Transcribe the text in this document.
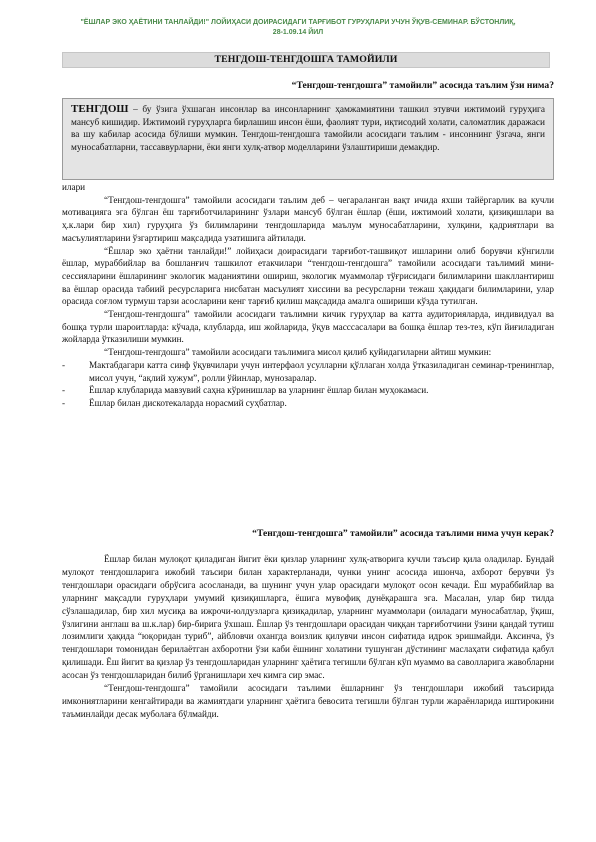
"ЁШЛАР ЭКО ҲАЁТИНИ ТАНЛАЙДИ!" ЛОЙИҲАСИ ДОИРАСИДАГИ ТАРҒИБОТ ГУРУҲЛАРИ УЧУН ЎҚУВ-СЕМИНАР. БЎСТОНЛИҚ,
28-1.09.14 ЙИЛ
ТЕНГДОШ-ТЕНГДОШГА ТАМОЙИЛИ
“Тенгдош-тенгдошга” тамойили” асосида таълим ўзи нима?
ТЕНГДОШ – бу ўзига ўхшаган инсонлар ва инсонларнинг ҳамжамиятини ташкил этувчи ижтимоий гуруҳига мансуб кишидир. Ижтимоий гуруҳларга бирлашиш инсон ёши, фаолият тури, иқтисодий холати, саломатлик даражаси ва шу кабилар асосида бўлиши мумкин. Тенгдош-тенгдошга тамойили асосидаги таълим - инсоннинг ўзгача, янги муносабатларни, тассаввурларни, ёки янги хулқ-атвор моделларини ўзлаштириши демакдир.

илари

“Тенгдош-тенгдошга” тамойили асосидаги таълим деб – чегараланган вақт ичида яхши тайёргарлик ва кучли мотивацияга эга бўлган ёш тарғиботчиларининг ўзлари мансуб бўлган ёшлар (ёши, ижтимоий холати, қизиқишлари ва ҳ.к.лари бир хил) гуруҳига ўз билимларини тенгдошларида маълум муносабатларини, хулқини, қадриятлари ва масъулиятларини ўзгартириш мақсадида узатишига айтилади.

“Ёшлар эко ҳаётни танлайди!” лойиҳаси доирасидаги тарғибот-ташвиқот ишларини олиб борувчи кўнгилли ёшлар, мураббийлар ва бошланғич ташкилот етакчилари “тенгдош-тенгдошга” тамойили асосидаги таълимий мини-сессияларини ёшларининг экологик маданиятини ошириш, экологик муаммолар тўғрисидаги билимларини шакллантириш ва ёшлар орасида табиий ресурсларига нисбатан масъулият хиссини ва ресурсларни тежаш ҳақидаги билимларини, улар орасида соғлом турмуш тарзи асосларини кенг тарғиб қилиш мақсадида амалга ошириши кўзда тутилган.

“Тенгдош-тенгдошга” тамойили асосидаги таълимни кичик гуруҳлар ва катта аудиторияларда, индивидуал ва бошқа турли шароитларда: кўчада, клубларда, иш жойларида, ўқув масссасалари ва бошқа ёшлар тез-тез, кўп йиғиладиган жойларда ўтказилиши мумкин.

“Тенгдош-тенгдошга” тамойили асосидаги таълимига мисол қилиб қуйидагиларни айтиш мумкин:

-	Мактабдагари катта синф ўқувчилари учун интерфаол усулларни қўллаган холда ўтказиладиган семинар-тренинглар, мисол учун, “ақлий хужум”, ролли ўйинлар, мунозаралар.
-	Ёшлар клубларида мавзувий саҳна кўринишлар ва уларнинг ёшлар билан муҳокамаси.
-	Ёшлар билан дискотекаларда норасмий суҳбатлар.
“Тенгдош-тенгдошга” тамойили” асосида таълими нима учун керак?

Ёшлар билан мулоқот қиладиган йигит ёки қизлар уларнинг хулқ-атворига кучли таъсир қила оладилар. Бундай мулоқот тенгдошларига ижобий таъсири билан характерланади, чунки унинг асосида ишонча, ахборот берувчи ўз тенгдошлари орасидаги обрўсига асосланади, ва шунинг учун улар орасидаги мулоқот осон кечади. Ёш мураббийлар ва уларнинг мақсадли гуруҳлари умумий қизиқишларга, ёшига мувофиқ дунёқарашга эга. Масалан, улар бир тилда сўзлашадилар, бир хил мусиқа ва ижрочи-юлдузларга қизиқадилар, уларнинг муаммолари (оиладаги муносабатлар, ўқиш, ўзлигини англаш ва ш.к.лар) бир-бирига ўхшаш. Ёшлар ўз тенгдошлари орасидан чиққан тарғиботчини ўзини қандай тутиш лозимлиги ҳақида “юқоридан туриб”, айбловчи охангда воизлик қилувчи инсон сифатида идрок эришмайди. Аксинча, ўз тенгдошлари томонидан берилаётган ахборотни ўзи каби ёшнинг холатини тушунган дўстининг маслаҳати сифатида қабул қилишади. Ёш йигит ва қизлар ўз тенгдошларидан уларнинг ҳаётига тегишли бўлган кўп муаммо ва саволларига жавобларни асосан ўз тенгдошларидан билиб ўрганишлари хеч кимга сир эмас.

“Тенгдош-тенгдошга” тамойили асосидаги таълими ёшларнинг ўз тенгдошлари ижобий таъсирида имкониятларини кенгайтиради ва жамиятдаги уларнинг ҳаётига бевосита тегишли бўлган турли жараёнларида иштирокини таъминлайди десак муболаға бўлмайди.
